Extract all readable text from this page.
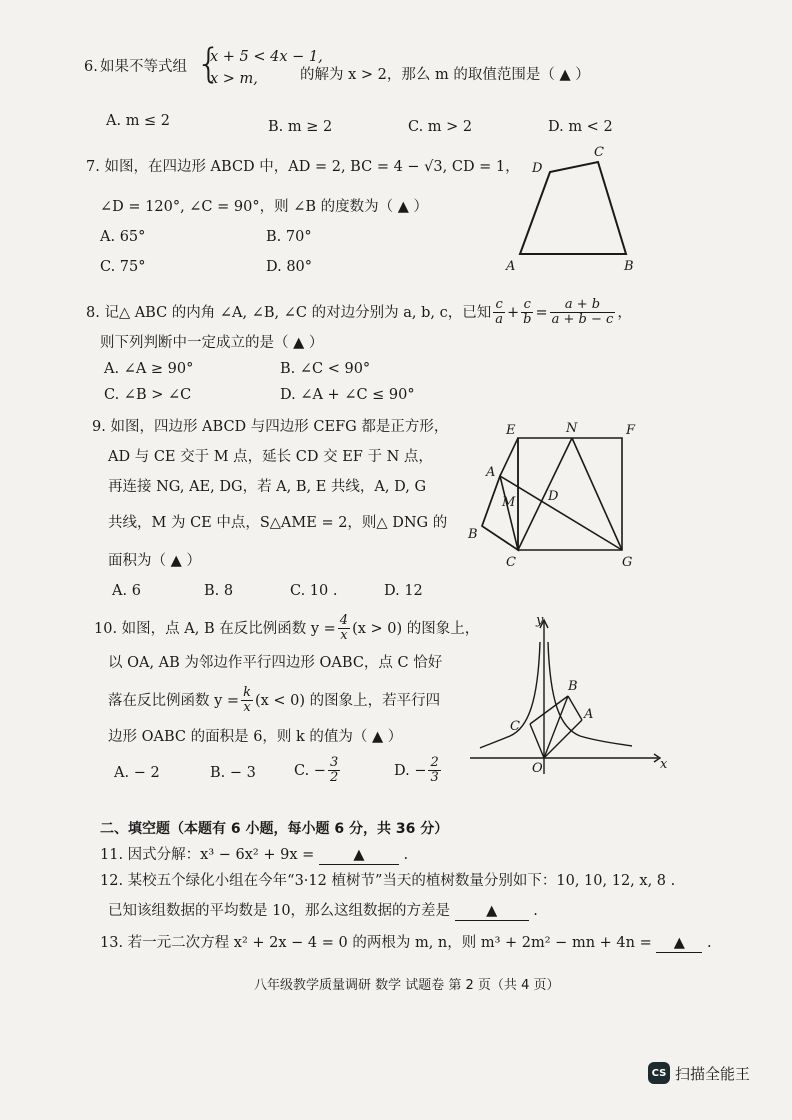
6. 如果不等式组 {
x + 5 < 4x − 1,
x > m,	的解为 x > 2，那么 m 的取值范围是（ ▲ ）
A. m ≤ 2	B. m ≥ 2	C. m > 2	D. m < 2
7. 如图，在四边形 ABCD 中，AD = 2, BC = 4 − √3, CD = 1，
∠D = 120°, ∠C = 90°，则 ∠B 的度数为（ ▲ ）
A. 65°	B. 70°
C. 75°	D. 80°	A	B
C
D
8. 记△ ABC 的内角 ∠A, ∠B, ∠C 的对边分别为 a, b, c，已知 $\frac{c}{a} + \frac{c}{b} = \frac{a + b}{a + b - c}$ ，
则下列判断中一定成立的是（ ▲ ）
A. ∠A ≥ 90°	B. ∠C < 90°
C. ∠B > ∠C	D. ∠A + ∠C ≤ 90°
9. 如图，四边形 ABCD 与四边形 CEFG 都是正方形，
AD 与 CE 交于 M 点，延长 CD 交 EF 于 N 点，
再连接 NG, AE, DG，若 A, B, E 共线，A, D, G
共线，M 为 CE 中点，S△AME = 2，则△ DNG 的
面积为（ ▲ ）
A. 6	B. 8	C. 10 .	D. 12
E	N	F
A
M	D
B
C	G
10. 如图，点 A, B 在反比例函数 $y = \frac{4}{x} (x > 0)$ 的图象上，
以 OA, AB 为邻边作平行四边形 OABC，点 C 恰好
落在反比例函数 $y = \frac{k}{x} (x < 0)$ 的图象上，若平行四
边形 OABC 的面积是 6，则 k 的值为（ ▲ ）
A. − 2	B. − 3	C. − $\frac{3}{2}$	D. − $\frac{2}{3}$
y
B
A
C
O	x
二、填空题（本题有 6 小题，每小题 6 分，共 36 分）
11. 因式分解：x³ − 6x² + 9x =	▲	.
12. 某校五个绿化小组在今年“3·12 植树节”当天的植树数量分别如下：10, 10, 12, x, 8 .
已知该组数据的平均数是 10，那么这组数据的方差是 ▲ .
13. 若一元二次方程 x² + 2x − 4 = 0 的两根为 m, n，则 m³ + 2m² − mn + 4n = ▲ .
八年级教学质量调研 数学 试题卷 第 2 页（共 4 页）
CS 扫描全能王
